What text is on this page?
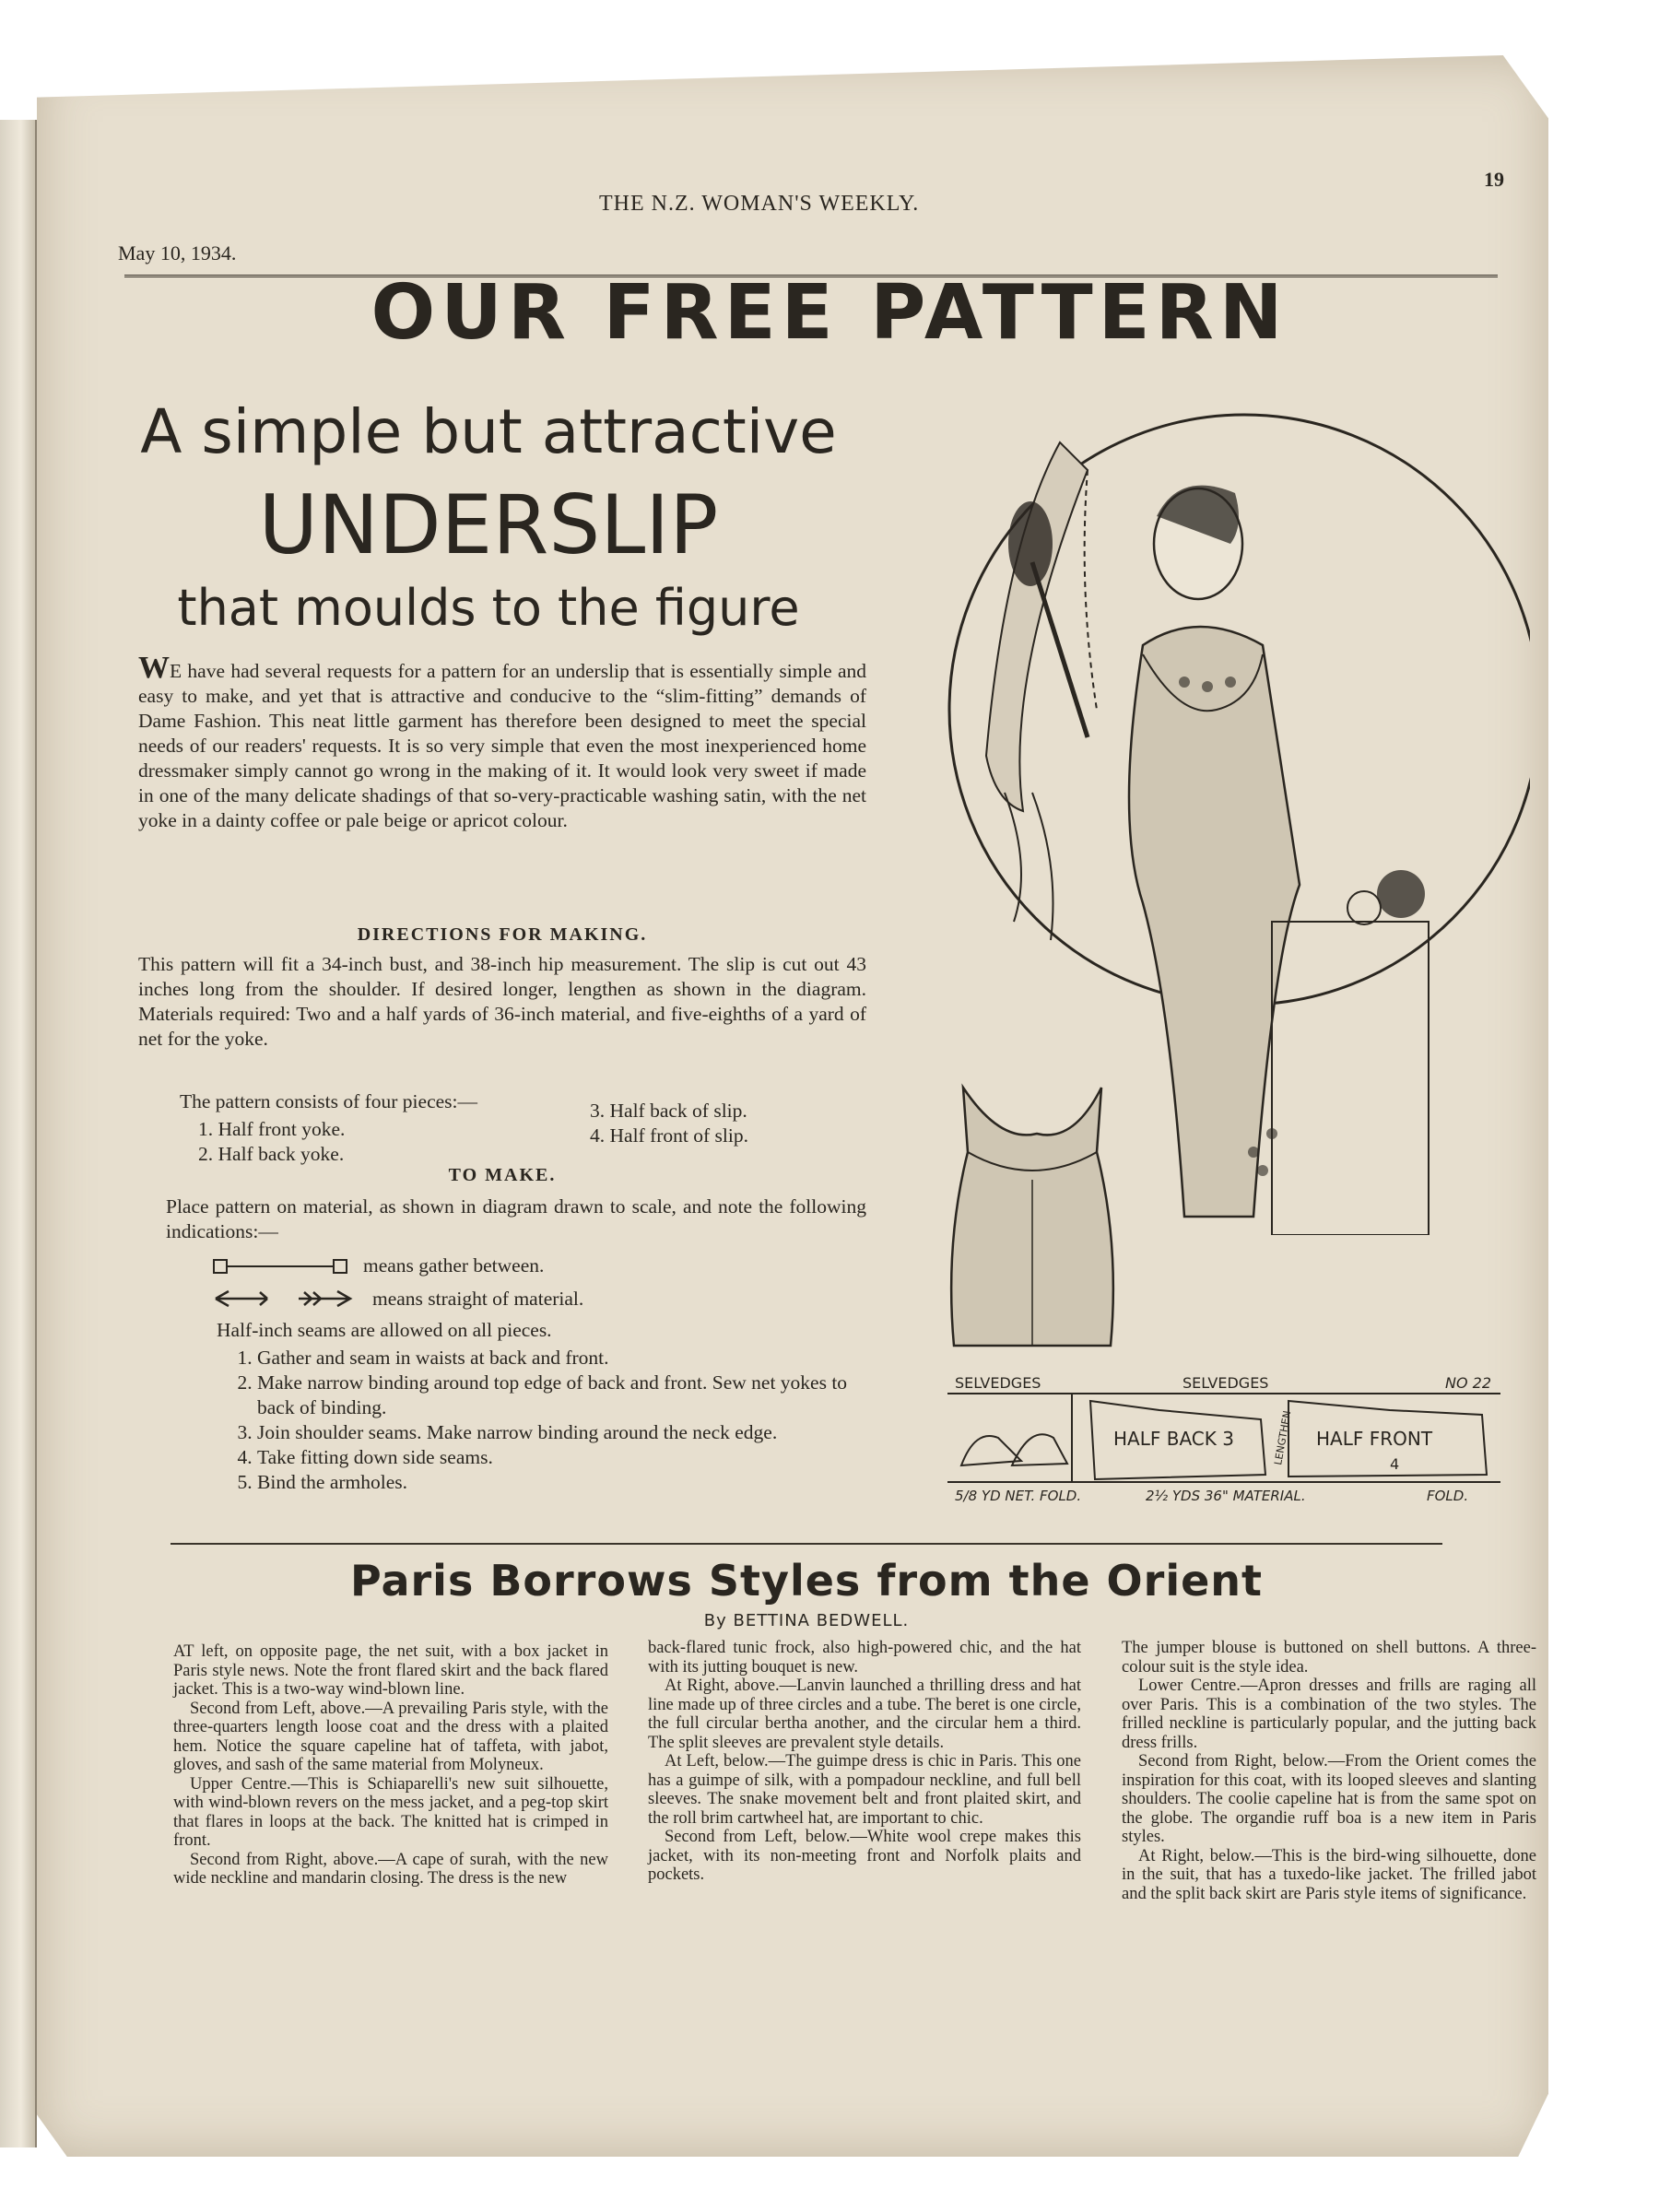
19
THE N.Z. WOMAN'S WEEKLY.
May 10, 1934.
OUR FREE PATTERN
A simple but attractive
UNDERSLIP
that moulds to the figure
WE have had several requests for a pattern for an underslip that is essentially simple and easy to make, and yet that is attractive and conducive to the “slim-fitting” demands of Dame Fashion. This neat little garment has therefore been designed to meet the special needs of our readers' requests. It is so very simple that even the most inexperienced home dressmaker simply cannot go wrong in the making of it. It would look very sweet if made in one of the many delicate shadings of that so-very-practicable washing satin, with the net yoke in a dainty coffee or pale beige or apricot colour.
DIRECTIONS FOR MAKING.
This pattern will fit a 34-inch bust, and 38-inch hip measurement. The slip is cut out 43 inches long from the shoulder. If desired longer, lengthen as shown in the diagram. Materials required: Two and a half yards of 36-inch material, and five-eighths of a yard of net for the yoke.
The pattern consists of four pieces:—
1. Half front yoke.
2. Half back yoke.
3. Half back of slip.
4. Half front of slip.
TO MAKE.
Place pattern on material, as shown in diagram drawn to scale, and note the following indications:—
means gather between.
means straight of material.
Half-inch seams are allowed on all pieces.
1. Gather and seam in waists at back and front.
2. Make narrow binding around top edge of back and front. Sew net yokes to back of binding.
3. Join shoulder seams. Make narrow binding around the neck edge.
4. Take fitting down side seams.
5. Bind the armholes.
SELVEDGES	SELVEDGES	NO 22
HALF BACK 3	HALF FRONT
4
LENGTHEN
5/8 YD NET. FOLD.	2½ YDS 36" MATERIAL.	FOLD.
Paris Borrows Styles from the Orient
By BETTINA BEDWELL.

AT left, on opposite page, the net suit, with a box jacket in Paris style news. Note the front flared skirt and the back flared jacket. This is a two-way wind-blown line.

Second from Left, above.—A prevailing Paris style, with the three-quarters length loose coat and the dress with a plaited hem. Notice the square capeline hat of taffeta, with jabot, gloves, and sash of the same material from Molyneux.

Upper Centre.—This is Schiaparelli's new suit silhouette, with wind-blown revers on the mess jacket, and a peg-top skirt that flares in loops at the back. The knitted hat is crimped in front.

Second from Right, above.—A cape of surah, with the new wide neckline and mandarin closing. The dress is the new

back-flared tunic frock, also high-powered chic, and the hat with its jutting bouquet is new.

At Right, above.—Lanvin launched a thrilling dress and hat line made up of three circles and a tube. The beret is one circle, the full circular bertha another, and the circular hem a third. The split sleeves are prevalent style details.

At Left, below.—The guimpe dress is chic in Paris. This one has a guimpe of silk, with a pompadour neckline, and full bell sleeves. The snake movement belt and front plaited skirt, and the roll brim cartwheel hat, are important to chic.

Second from Left, below.—White wool crepe makes this jacket, with its non-meeting front and Norfolk plaits and pockets.

The jumper blouse is buttoned on shell buttons. A three-colour suit is the style idea.

Lower Centre.—Apron dresses and frills are raging all over Paris. This is a combination of the two styles. The frilled neckline is particularly popular, and the jutting back dress frills.

Second from Right, below.—From the Orient comes the inspiration for this coat, with its looped sleeves and slanting shoulders. The coolie capeline hat is from the same spot on the globe. The organdie ruff boa is a new item in Paris styles.

At Right, below.—This is the bird-wing silhouette, done in the suit, that has a tuxedo-like jacket. The frilled jabot and the split back skirt are Paris style items of significance.
